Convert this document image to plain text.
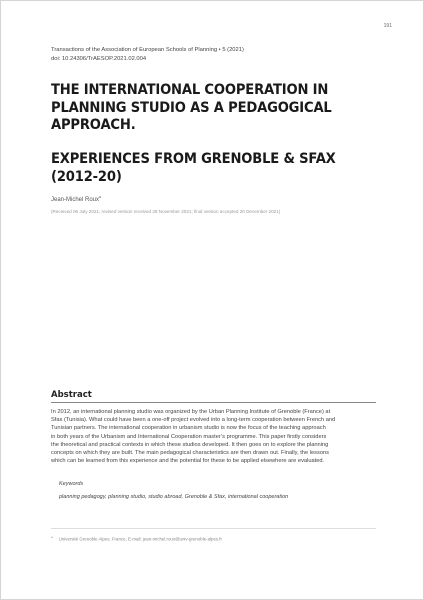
191
Transactions of the Association of European Schools of Planning • 5 (2021)
doi: 10.24306/TrAESOP.2021.02.004
THE INTERNATIONAL COOPERATION IN
PLANNING STUDIO AS A PEDAGOGICAL
APPROACH.
EXPERIENCES FROM GRENOBLE & SFAX
(2012-20)
Jean-Michel Roux$^a$
(Received 06 July 2021; revised version received 29 November 2021; final version accepted 20 December 2021)
Abstract
In 2012, an international planning studio was organized by the Urban Planning Institute of Grenoble (France) at
Sfax (Tunisia). What could have been a one-off project evolved into a long-term cooperation between French and
Tunisian partners. The international cooperation in urbanism studio is now the focus of the teaching approach
in both years of the Urbanism and International Cooperation master’s programme. This paper firstly considers
the theoretical and practical contexts in which these studios developed. It then goes on to explore the planning
concepts on which they are built. The main pedagogical characteristics are then drawn out. Finally, the lessons
which can be learned from this experience and the potential for these to be applied elsewhere are evaluated.
Keywords
planning pedagogy, planning studio, studio abroad, Grenoble & Sfax, international cooperation
$^a$ Université Grenoble Alpes, France, E-mail: jean-michel.roux@univ-grenoble-alpes.fr
